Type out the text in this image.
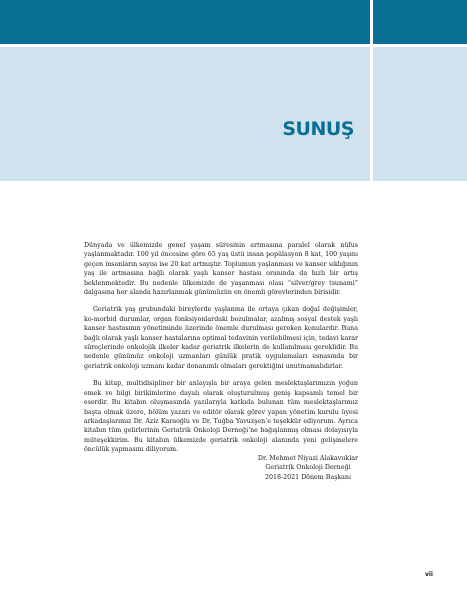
SUNUŞ

Dünyada ve ülkemizde genel yaşam süresinin artmasına paralel olarak nüfus yaşlanmaktadır. 100 yıl öncesine göre 65 yaş üstü insan popülasyon 8 kat, 100 yaşını geçen insanların sayısı ise 20 kat artmıştır. Toplumun yaşlanması ve kanser sıklığının yaş ile artmasına bağlı olarak yaşlı kanser hastası oranında da hızlı bir artış beklenmektedir. Bu nedenle ülkemizde de yaşanması olası “silver/grey tsunami” dalgasına her alanda hazırlanmak günümüzün en önemli görevlerinden birisidir.

Geriatrik yaş grubundaki bireylerde yaşlanma ile ortaya çıkan doğal değişimler, ko-morbid durumlar, organ fonksiyonlardaki bozulmalar, azalmış sosyal destek yaşlı kanser hastasının yönetiminde üzerinde önemle durulması gereken konulardır. Buna bağlı olarak yaşlı kanser hastalarına optimal tedavinin verilebilmesi için, tedavi karar süreçlerinde onkolojik ilkeler kadar geriatrik ilkelerin de kullanılması gereklidir. Bu nedenle günümüz onkoloji uzmanları günlük pratik uygulamaları esnasında bir geriatrik onkoloji uzmanı kadar donanımlı olmaları gerektiğini unutmamalıdırlar.

Bu kitap, multidisipliner bir anlayışla bir araya gelen meslektaşlarımızın yoğun emek ve bilgi birikimlerine dayalı olarak oluşturulmuş geniş kapsamlı temel bir eserdir. Bu kitabın oluşmasında yazılarıyla katkıda bulunan tüm meslektaşlarımız başta olmak üzere, bölüm yazarı ve editör olarak görev yapan yönetim kurulu üyesi arkadaşlarımız Dr. Aziz Karaoğlu ve Dr. Tuğba Yavuzşen’e teşekkür ediyorum. Ayrıca kitabın tüm gelirlerinin Geriatrik Onkoloji Derneği’ne bağışlanmış olması dolayısıyla müteşekkirim. Bu kitabın ülkemizde geriatrik onkoloji alanında yeni gelişmelere öncülük yapmasını diliyorum.

Dr. Mehmet Niyazi Alakavuklar
Geriatrik Onkoloji Derneği
2018-2021 Dönem Başkanı
vii
